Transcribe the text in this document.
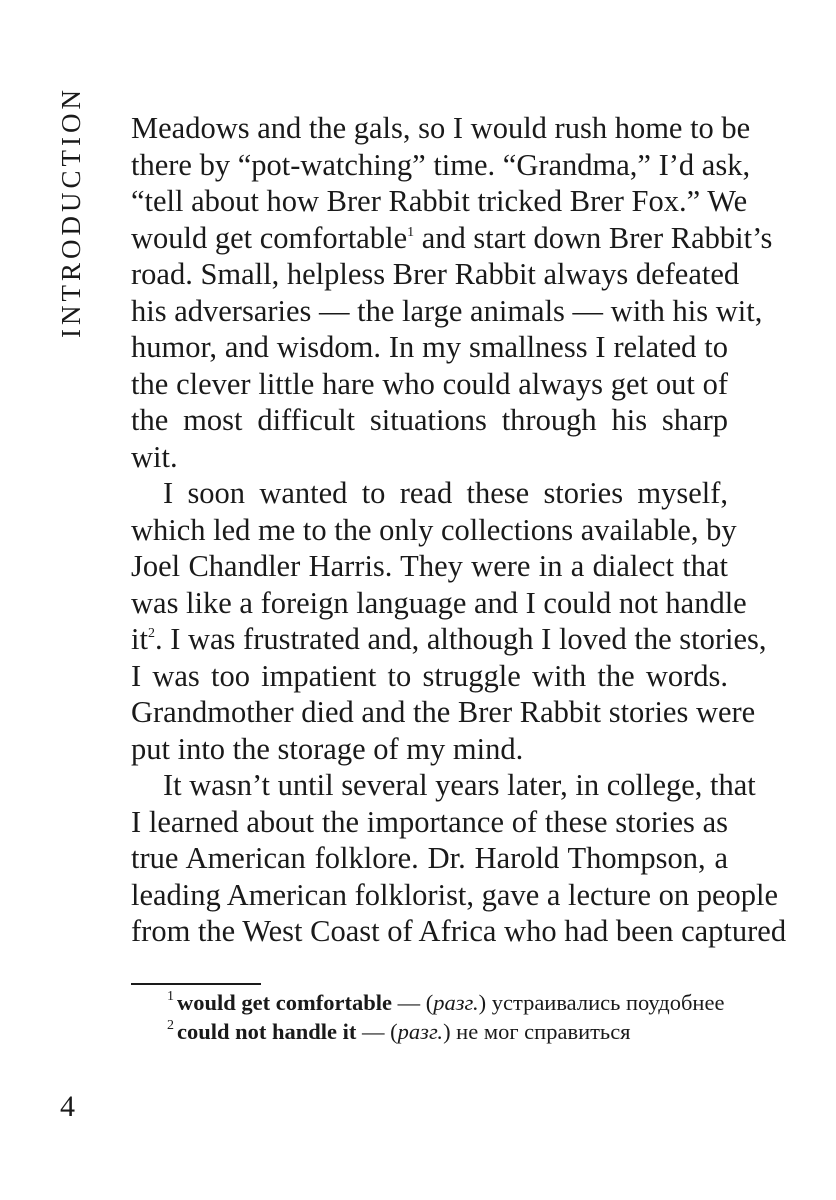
INTRODUCTION	Meadows and the gals, so I would rush home to be
there by “pot-watching” time. “Grandma,” I’d ask,
“tell about how Brer Rabbit tricked Brer Fox.” We
would get comfortable$^1$ and start down Brer Rabbit’s
road. Small, helpless Brer Rabbit always defeated
his adversaries — the large animals — with his wit,
humor, and wisdom. In my smallness I related to
the clever little hare who could always get out of
the most difficult situations through his sharp
wit.
I soon wanted to read these stories myself,
which led me to the only collections available, by
Joel Chandler Harris. They were in a dialect that
was like a foreign language and I could not handle
$it^2$. I was frustrated and, although I loved the stories,
I was too impatient to struggle with the words.
Grandmother died and the Brer Rabbit stories were
put into the storage of my mind.
It wasn’t until several years later, in college, that
I learned about the importance of these stories as
true American folklore. Dr. Harold Thompson, a
leading American folklorist, gave a lecture on people
from the West Coast of Africa who had been captured
$^1$ would get comfortable — (разг.) устраивались поудобнее
$^2$ could not handle it — (разг.) не мог справиться
4
